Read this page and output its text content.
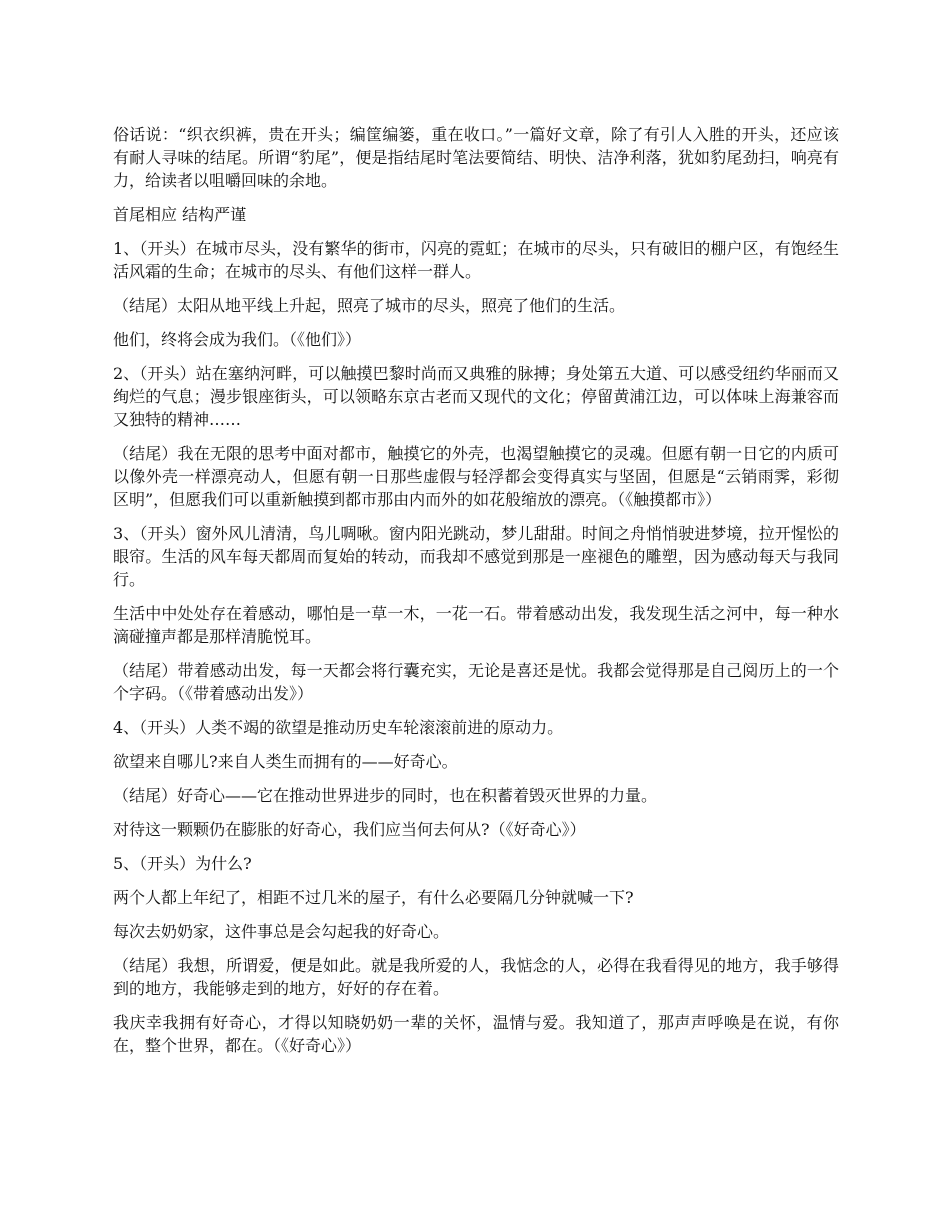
俗话说：“织衣织裤，贵在开头；编筐编篓，重在收口。”一篇好文章，除了有引人入胜的开头，还应该有耐人寻味的结尾。所谓“豹尾”，便是指结尾时笔法要简结、明快、洁净利落，犹如豹尾劲扫，响亮有力，给读者以咀嚼回味的余地。

首尾相应 结构严谨

1、（开头）在城市尽头，没有繁华的街市，闪亮的霓虹；在城市的尽头，只有破旧的棚户区，有饱经生活风霜的生命；在城市的尽头、有他们这样一群人。

（结尾）太阳从地平线上升起，照亮了城市的尽头，照亮了他们的生活。

他们，终将会成为我们。（《他们》）

2、（开头）站在塞纳河畔，可以触摸巴黎时尚而又典雅的脉搏；身处第五大道、可以感受纽约华丽而又绚烂的气息；漫步银座街头，可以领略东京古老而又现代的文化；停留黄浦江边，可以体味上海兼容而又独特的精神……

（结尾）我在无限的思考中面对都市，触摸它的外壳，也渴望触摸它的灵魂。但愿有朝一日它的内质可以像外壳一样漂亮动人，但愿有朝一日那些虚假与轻浮都会变得真实与坚固，但愿是“云销雨霁，彩彻区明”，但愿我们可以重新触摸到都市那由内而外的如花般缩放的漂亮。（《触摸都市》）

3、（开头）窗外风儿清清，鸟儿啁啾。窗内阳光跳动，梦儿甜甜。时间之舟悄悄驶进梦境，拉开惺忪的眼帘。生活的风车每天都周而复始的转动，而我却不感觉到那是一座褪色的雕塑，因为感动每天与我同行。

生活中中处处存在着感动，哪怕是一草一木，一花一石。带着感动出发，我发现生活之河中，每一种水滴碰撞声都是那样清脆悦耳。

（结尾）带着感动出发，每一天都会将行囊充实，无论是喜还是忧。我都会觉得那是自己阅历上的一个个字码。（《带着感动出发》）

4、（开头）人类不竭的欲望是推动历史车轮滚滚前进的原动力。

欲望来自哪儿?来自人类生而拥有的——好奇心。

（结尾）好奇心——它在推动世界进步的同时，也在积蓄着毁灭世界的力量。

对待这一颗颗仍在膨胀的好奇心，我们应当何去何从?（《好奇心》）

5、（开头）为什么?

两个人都上年纪了，相距不过几米的屋子，有什么必要隔几分钟就喊一下?

每次去奶奶家，这件事总是会勾起我的好奇心。

（结尾）我想，所谓爱，便是如此。就是我所爱的人，我惦念的人，必得在我看得见的地方，我手够得到的地方，我能够走到的地方，好好的存在着。

我庆幸我拥有好奇心，才得以知晓奶奶一辈的关怀，温情与爱。我知道了，那声声呼唤是在说，有你在，整个世界，都在。（《好奇心》）
